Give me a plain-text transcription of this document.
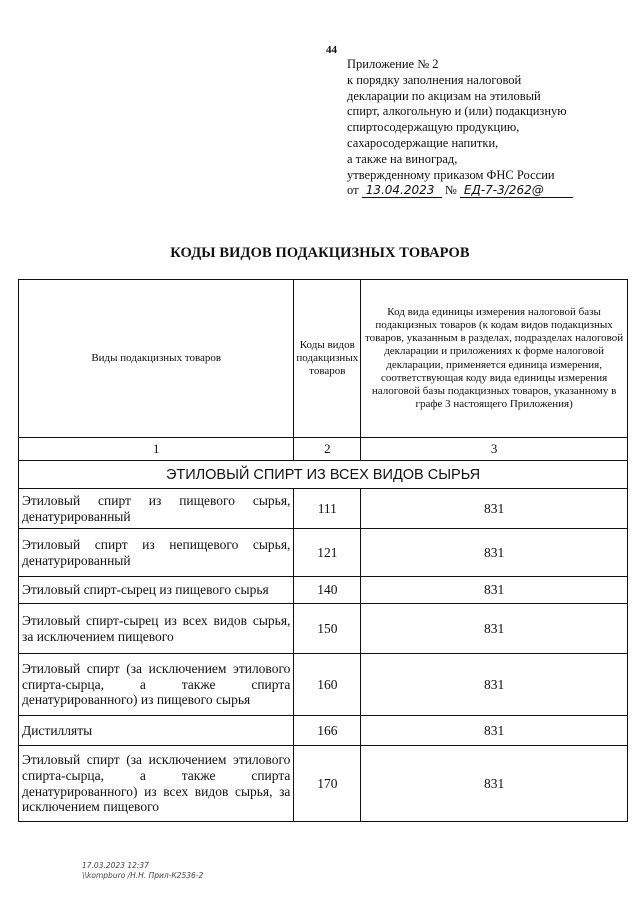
44
Приложение № 2
к порядку заполнения налоговой
декларации по акцизам на этиловый
спирт, алкогольную и (или) подакцизную
спиртосодержащую продукцию,
сахаросодержащие напитки,
а также на виноград,
утвержденному приказом ФНС России
от 13.04.2023 № ЕД-7-3/262@
КОДЫ ВИДОВ ПОДАКЦИЗНЫХ ТОВАРОВ
Виды подакцизных товаров	Коды видов подакцизных товаров	Код вида единицы измерения налоговой базы подакцизных товаров (к кодам видов подакцизных товаров, указанным в разделах, подразделах налоговой декларации и приложениях к форме налоговой декларации, применяется единица измерения, соответствующая коду вида единицы измерения налоговой базы подакцизных товаров, указанному в графе 3 настоящего Приложения)
1	2	3
ЭТИЛОВЫЙ СПИРТ ИЗ ВСЕХ ВИДОВ СЫРЬЯ		
Этиловый спирт из пищевого сырья, денатурированный	111	831
Этиловый спирт из непищевого сырья, денатурированный	121	831
Этиловый спирт-сырец из пищевого сырья	140	831
Этиловый спирт-сырец из всех видов сырья, за исключением пищевого	150	831
Этиловый спирт (за исключением этилового спирта-сырца, а также спирта денатурированного) из пищевого сырья	160	831
Дистилляты	166	831
Этиловый спирт (за исключением этилового спирта-сырца, а также спирта денатурированного) из всех видов сырья, за исключением пищевого	170	831
17.03.2023 12:37
\\kompburo /Н.Н. Прил-К2536-2
